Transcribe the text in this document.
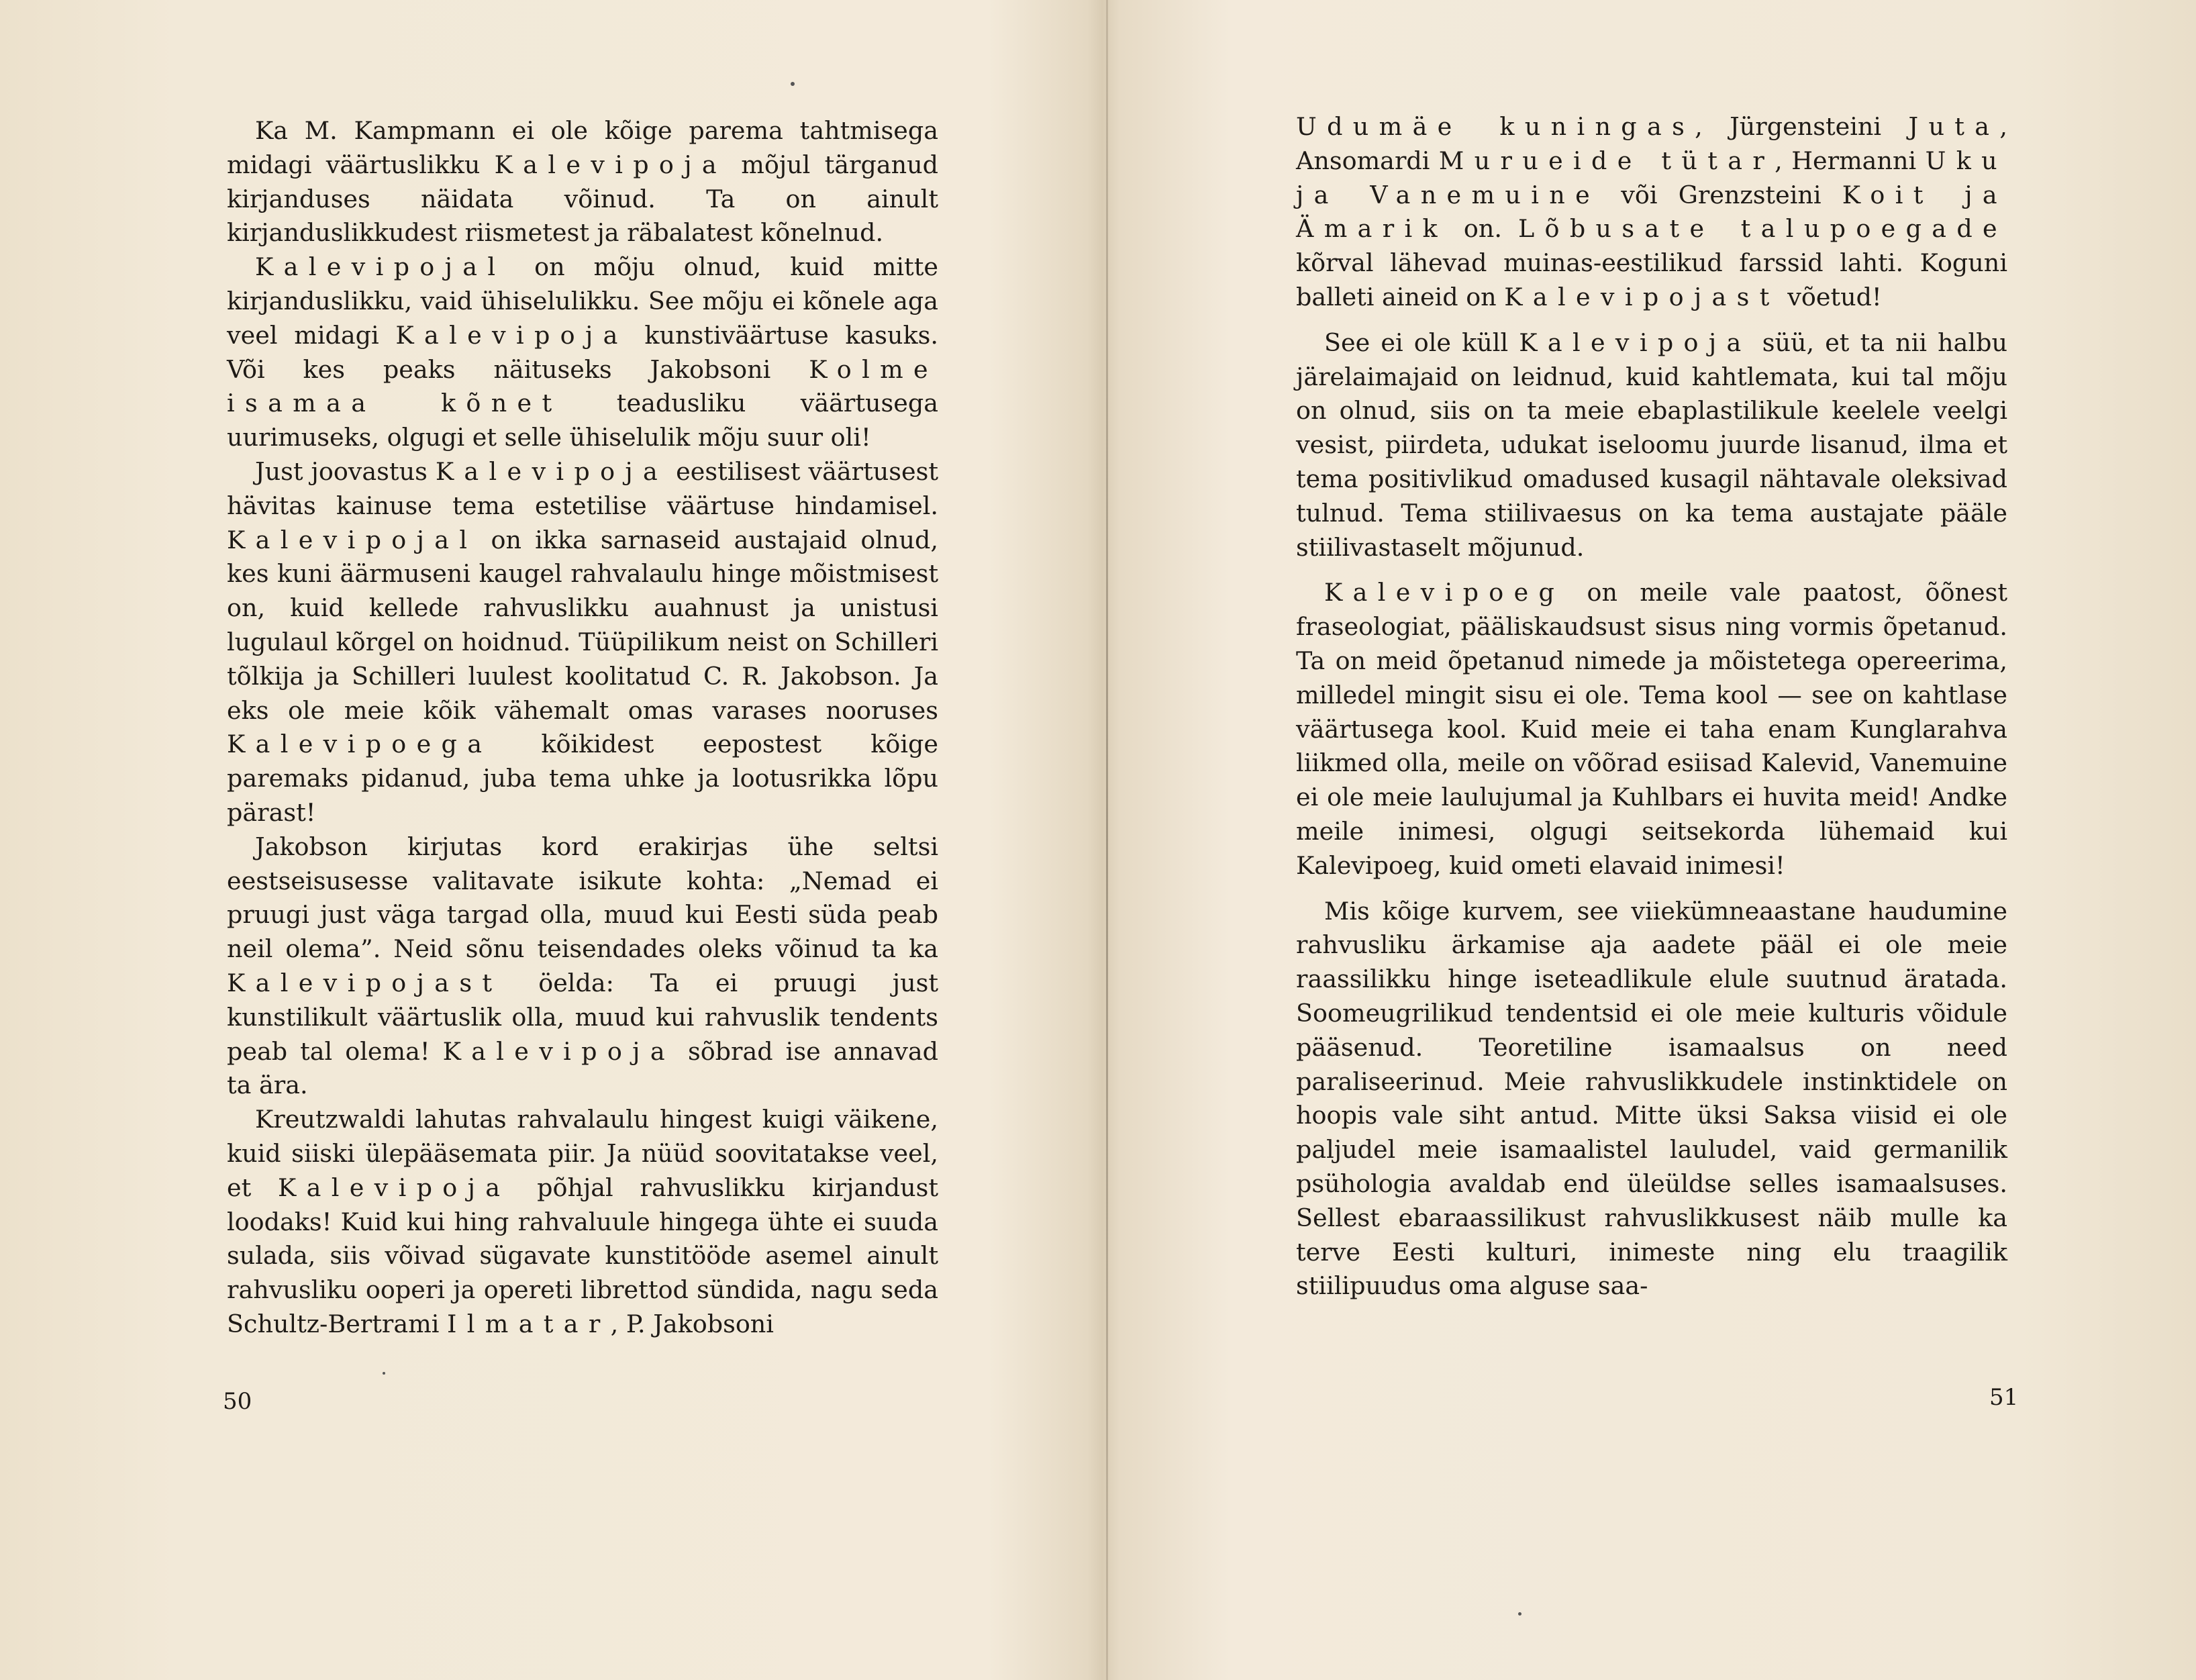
Ka M. Kampmann ei ole kõige parema tahtmisega midagi väärtuslikku Kalevipoja mõjul tärganud kirjanduses näidata võinud. Ta on ainult kirjanduslikkudest riismetest ja räbalatest kõnelnud.

Kalevipojal on mõju olnud, kuid mitte kirjanduslikku, vaid ühiselulikku. See mõju ei kõnele aga veel midagi Kalevipoja kunstiväärtuse kasuks. Või kes peaks näituseks Jakobsoni Kolme isamaa kõnet teadusliku väärtusega uurimuseks, olgugi et selle ühiselulik mõju suur oli!

Just joovastus Kalevipoja eestilisest väärtusest hävitas kainuse tema estetilise väärtuse hindamisel. Kalevipojal on ikka sarnaseid austajaid olnud, kes kuni äärmuseni kaugel rahvalaulu hinge mõistmisest on, kuid kellede rahvuslikku auahnust ja unistusi lugulaul kõrgel on hoidnud. Tüüpilikum neist on Schilleri tõlkija ja Schilleri luulest koolitatud C. R. Jakobson. Ja eks ole meie kõik vähemalt omas varases nooruses Kalevipoega kõikidest eepostest kõige paremaks pidanud, juba tema uhke ja lootusrikka lõpu pärast!

Jakobson kirjutas kord erakirjas ühe seltsi eestseisusesse valitavate isikute kohta: „Nemad ei pruugi just väga targad olla, muud kui Eesti süda peab neil olema”. Neid sõnu teisendades oleks võinud ta ka Kalevipojast öelda: Ta ei pruugi just kunstilikult väärtuslik olla, muud kui rahvuslik tendents peab tal olema! Kalevipoja sõbrad ise annavad ta ära.

Kreutzwaldi lahutas rahvalaulu hingest kuigi väikene, kuid siiski ülepääsemata piir. Ja nüüd soovitatakse veel, et Kalevipoja põhjal rahvuslikku kirjandust loodaks! Kuid kui hing rahvaluule hingega ühte ei suuda sulada, siis võivad sügavate kunstitööde asemel ainult rahvusliku ooperi ja opereti librettod sündida, nagu seda Schultz-Bertrami Ilmatar, P. Jakobsoni

50

Udumäe kuningas, Jürgensteini Juta, Ansomardi Murueide tütar, Hermanni Uku ja Vanemuine või Grenzsteini Koit ja Ämarik on. Lõbusate talupoegade kõrval lähevad muinas-eestilikud farssid lahti. Koguni balleti aineid on Kalevipojast võetud!

See ei ole küll Kalevipoja süü, et ta nii halbu järelaimajaid on leidnud, kuid kahtlemata, kui tal mõju on olnud, siis on ta meie ebaplastilikule keelele veelgi vesist, piirdeta, udukat iseloomu juurde lisanud, ilma et tema positivlikud omadused kusagil nähtavale oleksivad tulnud. Tema stiilivaesus on ka tema austajate pääle stiilivastaselt mõjunud.

Kalevipoeg on meile vale paatost, õõnest fraseologiat, pääliskaudsust sisus ning vormis õpetanud. Ta on meid õpetanud nimede ja mõistetega opereerima, milledel mingit sisu ei ole. Tema kool — see on kahtlase väärtusega kool. Kuid meie ei taha enam Kunglarahva liikmed olla, meile on võõrad esiisad Kalevid, Vanemuine ei ole meie laulujumal ja Kuhlbars ei huvita meid! Andke meile inimesi, olgugi seitsekorda lühemaid kui Kalevipoeg, kuid ometi elavaid inimesi!

Mis kõige kurvem, see viiekümneaastane haudumine rahvusliku ärkamise aja aadete pääl ei ole meie raassilikku hinge iseteadlikule elule suutnud äratada. Soomeugrilikud tendentsid ei ole meie kulturis võidule pääsenud. Teoretiline isamaalsus on need paraliseerinud. Meie rahvuslikkudele instinktidele on hoopis vale siht antud. Mitte üksi Saksa viisid ei ole paljudel meie isamaalistel lauludel, vaid germanilik psühologia avaldab end üleüldse selles isamaalsuses. Sellest ebaraassilikust rahvuslikkusest näib mulle ka terve Eesti kulturi, inimeste ning elu traagilik stiilipuudus oma alguse saa-

51
